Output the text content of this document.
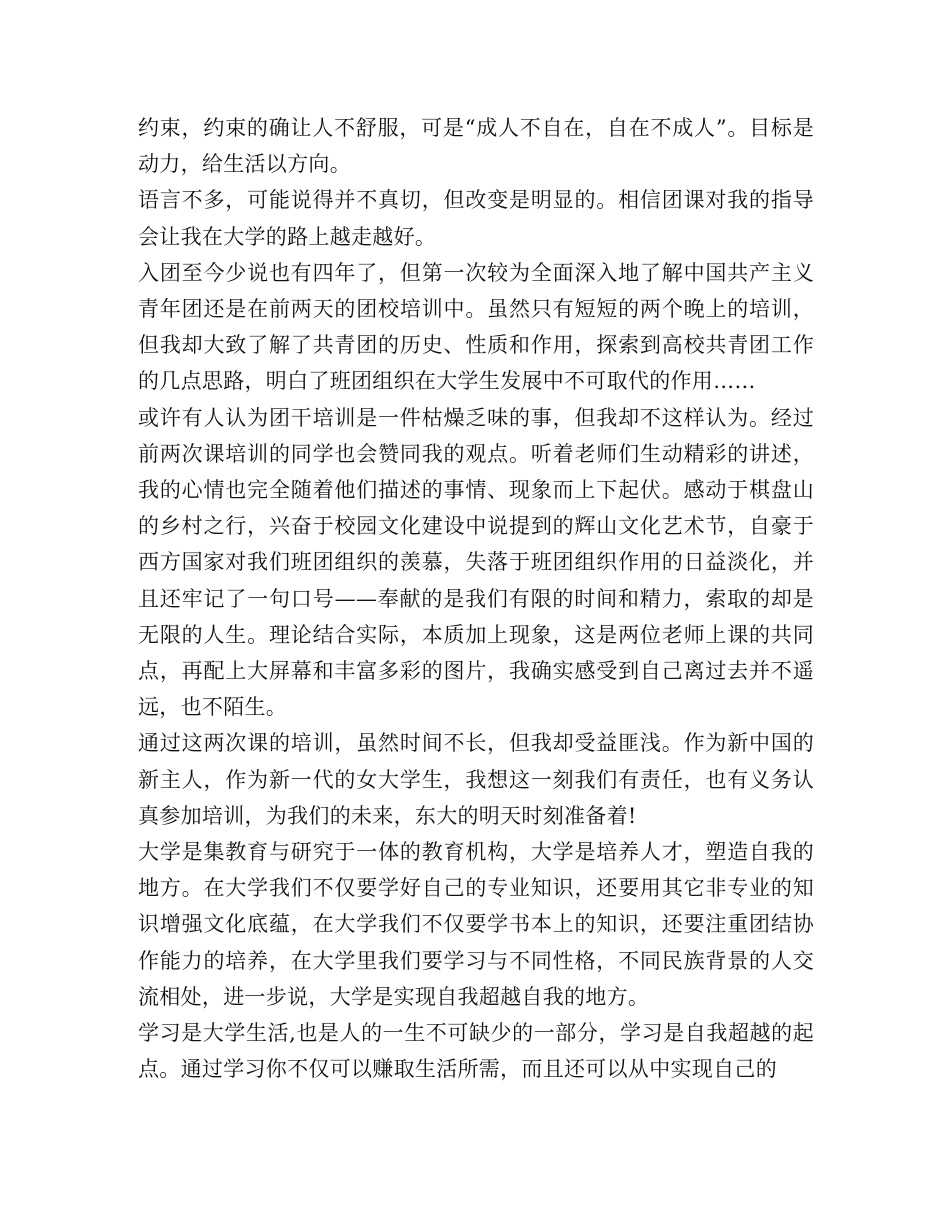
约束，约束的确让人不舒服，可是“成人不自在，自在不成人”。目标是动力，给生活以方向。

语言不多，可能说得并不真切，但改变是明显的。相信团课对我的指导会让我在大学的路上越走越好。

入团至今少说也有四年了，但第一次较为全面深入地了解中国共产主义青年团还是在前两天的团校培训中。虽然只有短短的两个晚上的培训，但我却大致了解了共青团的历史、性质和作用，探索到高校共青团工作的几点思路，明白了班团组织在大学生发展中不可取代的作用……

或许有人认为团干培训是一件枯燥乏味的事，但我却不这样认为。经过前两次课培训的同学也会赞同我的观点。听着老师们生动精彩的讲述，我的心情也完全随着他们描述的事情、现象而上下起伏。感动于棋盘山的乡村之行，兴奋于校园文化建设中说提到的辉山文化艺术节，自豪于西方国家对我们班团组织的羡慕，失落于班团组织作用的日益淡化，并且还牢记了一句口号——奉献的是我们有限的时间和精力，索取的却是无限的人生。理论结合实际，本质加上现象，这是两位老师上课的共同点，再配上大屏幕和丰富多彩的图片，我确实感受到自己离过去并不遥远，也不陌生。

通过这两次课的培训，虽然时间不长，但我却受益匪浅。作为新中国的新主人，作为新一代的女大学生，我想这一刻我们有责任，也有义务认真参加培训，为我们的未来，东大的明天时刻准备着!

大学是集教育与研究于一体的教育机构，大学是培养人才，塑造自我的地方。在大学我们不仅要学好自己的专业知识，还要用其它非专业的知识增强文化底蕴，在大学我们不仅要学书本上的知识，还要注重团结协作能力的培养，在大学里我们要学习与不同性格，不同民族背景的人交流相处，进一步说，大学是实现自我超越自我的地方。

学习是大学生活,也是人的一生不可缺少的一部分，学习是自我超越的起点。通过学习你不仅可以赚取生活所需，而且还可以从中实现自己的
